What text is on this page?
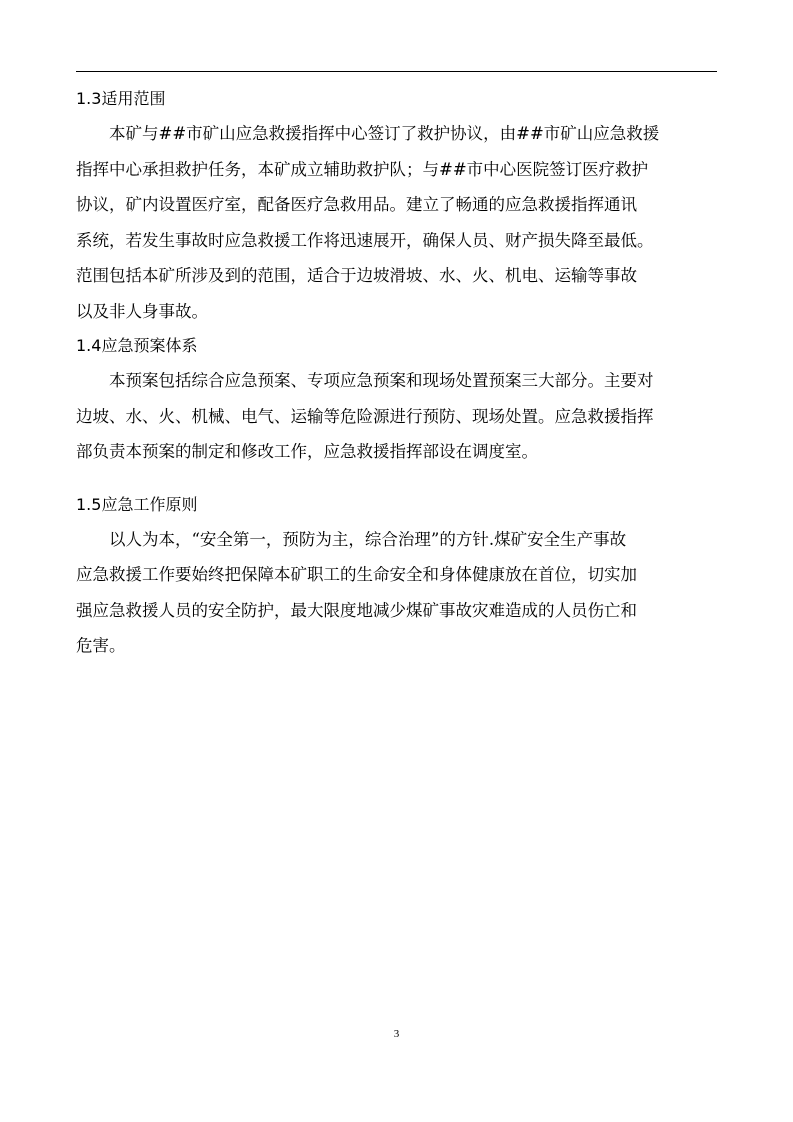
1.3适用范围
本矿与##市矿山应急救援指挥中心签订了救护协议，由##市矿山应急救援
指挥中心承担救护任务，本矿成立辅助救护队；与##市中心医院签订医疗救护
协议，矿内设置医疗室，配备医疗急救用品。建立了畅通的应急救援指挥通讯
系统，若发生事故时应急救援工作将迅速展开，确保人员、财产损失降至最低。
范围包括本矿所涉及到的范围，适合于边坡滑坡、水、火、机电、运输等事故
以及非人身事故。
1.4应急预案体系
本预案包括综合应急预案、专项应急预案和现场处置预案三大部分。主要对
边坡、水、火、机械、电气、运输等危险源进行预防、现场处置。应急救援指挥
部负责本预案的制定和修改工作，应急救援指挥部设在调度室。
1.5应急工作原则
以人为本，“安全第一，预防为主，综合治理”的方针.煤矿安全生产事故
应急救援工作要始终把保障本矿职工的生命安全和身体健康放在首位，切实加
强应急救援人员的安全防护，最大限度地减少煤矿事故灾难造成的人员伤亡和
危害。
3
